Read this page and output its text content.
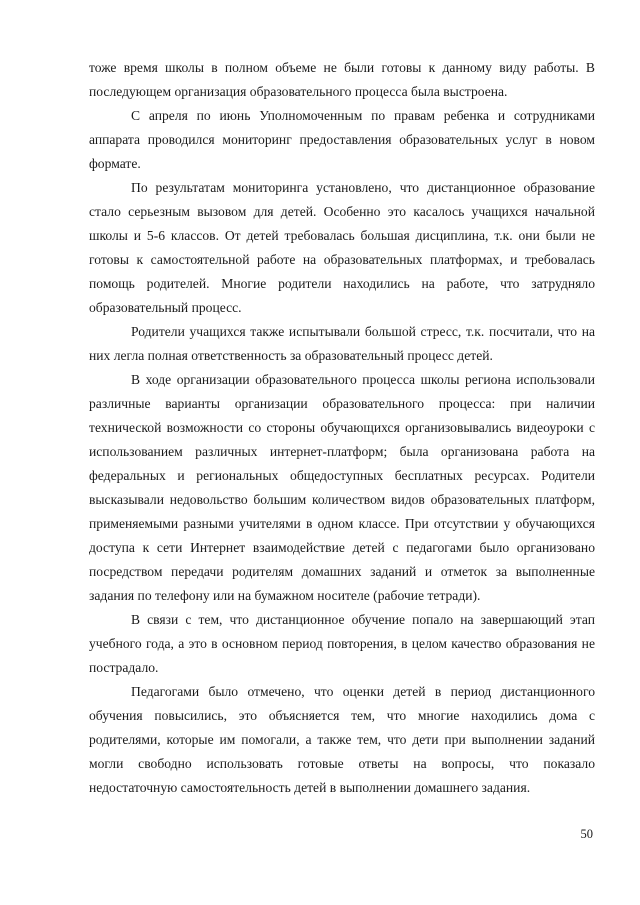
тоже время школы в полном объеме не были готовы к данному виду работы. В последующем организация образовательного процесса была выстроена.

С апреля по июнь Уполномоченным по правам ребенка и сотрудниками аппарата проводился мониторинг предоставления образовательных услуг в новом формате.

По результатам мониторинга установлено, что дистанционное образование стало серьезным вызовом для детей. Особенно это касалось учащихся начальной школы и 5-6 классов. От детей требовалась большая дисциплина, т.к. они были не готовы к самостоятельной работе на образовательных платформах, и требовалась помощь родителей. Многие родители находились на работе, что затрудняло образовательный процесс.

Родители учащихся также испытывали большой стресс, т.к. посчитали, что на них легла полная ответственность за образовательный процесс детей.

В ходе организации образовательного процесса школы региона использовали различные варианты организации образовательного процесса: при наличии технической возможности со стороны обучающихся организовывались видеоуроки с использованием различных интернет-платформ; была организована работа на федеральных и региональных общедоступных бесплатных ресурсах. Родители высказывали недовольство большим количеством видов образовательных платформ, применяемыми разными учителями в одном классе. При отсутствии у обучающихся доступа к сети Интернет взаимодействие детей с педагогами было организовано посредством передачи родителям домашних заданий и отметок за выполненные задания по телефону или на бумажном носителе (рабочие тетради).

В связи с тем, что дистанционное обучение попало на завершающий этап учебного года, а это в основном период повторения, в целом качество образования не пострадало.

Педагогами было отмечено, что оценки детей в период дистанционного обучения повысились, это объясняется тем, что многие находились дома с родителями, которые им помогали, а также тем, что дети при выполнении заданий могли свободно использовать готовые ответы на вопросы, что показало недостаточную самостоятельность детей в выполнении домашнего задания.

50
